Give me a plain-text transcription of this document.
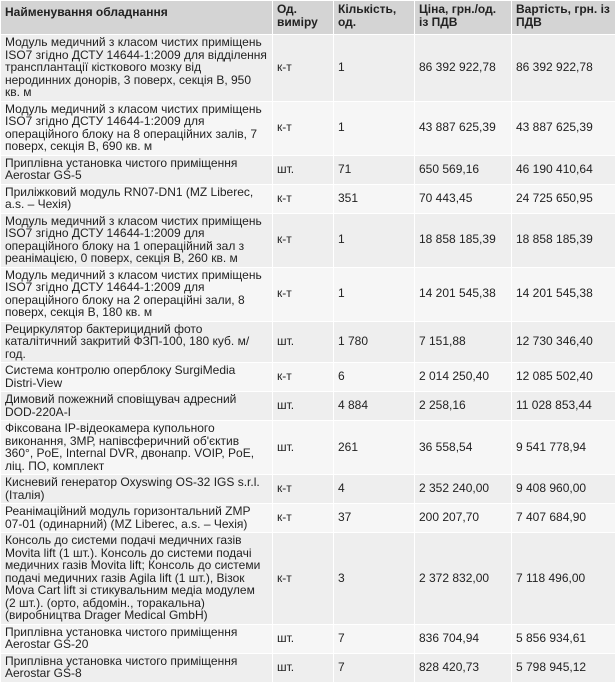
Найменування обладнання	Од. виміру	Кількість, од.	Ціна, грн./од. із ПДВ	Вартість, грн. із ПДВ
Модуль медичний з класом чистих приміщень ISO7 згідно ДСТУ 14644-1:2009 для відділення трансплантації кісткового мозку від неродинних донорів, 3 поверх, секція В, 950 кв. м	к-т	1	86 392 922,78	86 392 922,78
Модуль медичний з класом чистих приміщень ISO7 згідно ДСТУ 14644-1:2009 для операційного блоку на 8 операційних залів, 7 поверх, секція В, 690 кв. м	к-т	1	43 887 625,39	43 887 625,39
Приплівна установка чистого приміщення Aerostar GS-5	шт.	71	650 569,16	46 190 410,64
Приліжковий модуль RN07-DN1 (MZ Liberec, a.s. – Чехія)	к-т	351	70 443,45	24 725 650,95
Модуль медичний з класом чистих приміщень ISO7 згідно ДСТУ 14644-1:2009 для операційного блоку на 1 операційний зал з реанімацією, 0 поверх, секція В, 260 кв. м	к-т	1	18 858 185,39	18 858 185,39
Модуль медичний з класом чистих приміщень ISO7 згідно ДСТУ 14644-1:2009 для операційного блоку на 2 операційні зали, 8 поверх, секція В, 180 кв. м	к-т	1	14 201 545,38	14 201 545,38
Рециркулятор бактерицидний фото каталітичний закритий ФЗП-100, 180 куб. м/год.	шт.	1 780	7 151,88	12 730 346,40
Система контролю оперблоку SurgiMedia Distri-View	к-т	6	2 014 250,40	12 085 502,40
Димовий пожежний сповіщувач адресний DOD-220A-I	шт.	4 884	2 258,16	11 028 853,44
Фіксована IP-відеокамера купольного виконання, 3МР, напівсферичний об'єктив 360°, PoE, Internal DVR, двонапр. VOIP, PoE, ліц. ПО, комплект	шт.	261	36 558,54	9 541 778,94
Кисневий генератор Oxyswing OS-32 IGS s.r.l. (Італія)	к-т	4	2 352 240,00	9 408 960,00
Реанімаційний модуль горизонтальний ZMP 07-01 (одинарний) (MZ Liberec, a.s. – Чехія)	к-т	37	200 207,70	7 407 684,90
Консоль до системи подачі медичних газів Movita lift (1 шт.). Консоль до системи подачі медичних газів Movita lift; Консоль до системи подачі медичних газів Agila lift (1 шт.), Візок Mova Cart lift зі стикувальним медіа модулем (2 шт.). (орто, абдомін., торакальна) (виробництва Drager Medical GmbH)	к-т	3	2 372 832,00	7 118 496,00
Приплівна установка чистого приміщення Aerostar GS-20	шт.	7	836 704,94	5 856 934,61
Приплівна установка чистого приміщення Aerostar GS-8	шт.	7	828 420,73	5 798 945,12
